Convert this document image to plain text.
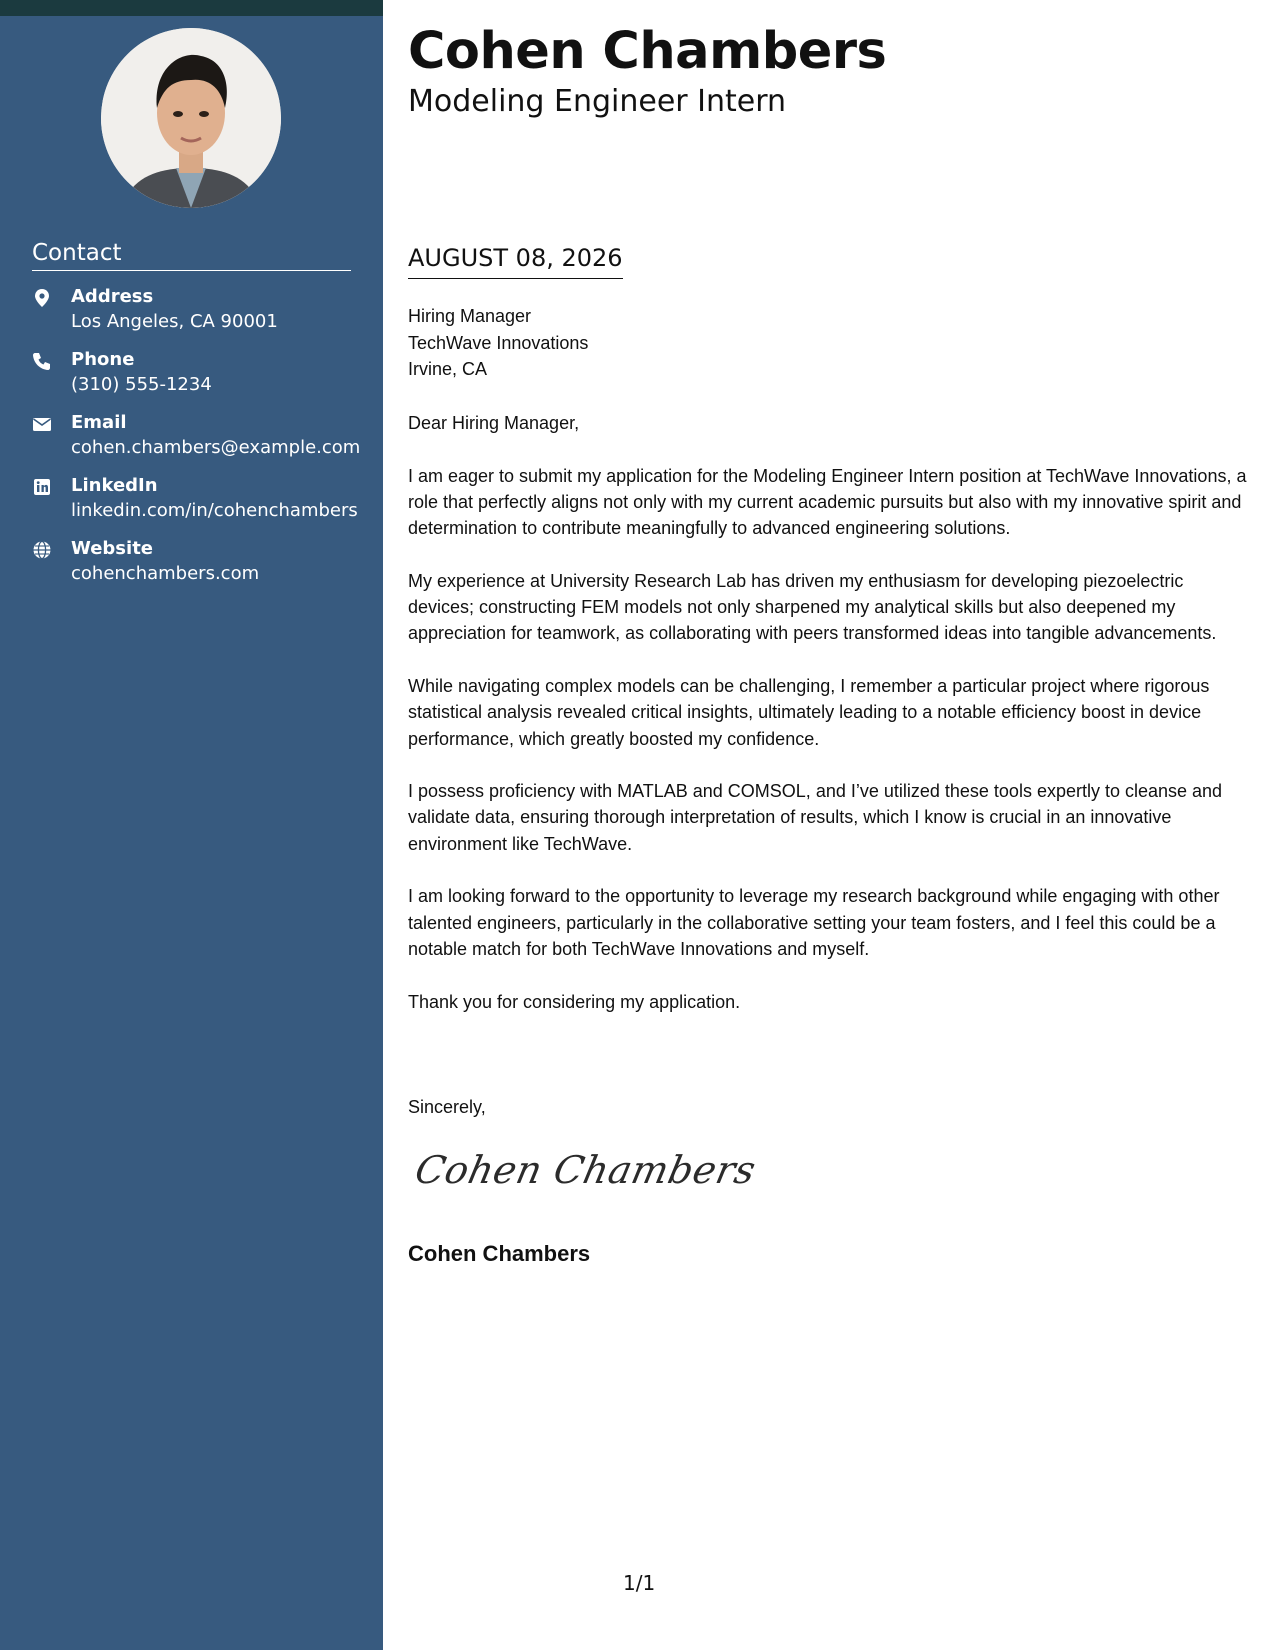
Contact
Address
Los Angeles, CA 90001
Phone
(310) 555-1234
Email
cohen.chambers@example.com
LinkedIn
linkedin.com/in/cohenchambers
Website
cohenchambers.com
Cohen Chambers
Modeling Engineer Intern
AUGUST 08, 2026
Hiring Manager
TechWave Innovations
Irvine, CA

Dear Hiring Manager,

I am eager to submit my application for the Modeling Engineer Intern position at TechWave Innovations, a role that perfectly aligns not only with my current academic pursuits but also with my innovative spirit and determination to contribute meaningfully to advanced engineering solutions.

My experience at University Research Lab has driven my enthusiasm for developing piezoelectric devices; constructing FEM models not only sharpened my analytical skills but also deepened my appreciation for teamwork, as collaborating with peers transformed ideas into tangible advancements.

While navigating complex models can be challenging, I remember a particular project where rigorous statistical analysis revealed critical insights, ultimately leading to a notable efficiency boost in device performance, which greatly boosted my confidence.

I possess proficiency with MATLAB and COMSOL, and I’ve utilized these tools expertly to cleanse and validate data, ensuring thorough interpretation of results, which I know is crucial in an innovative environment like TechWave.

I am looking forward to the opportunity to leverage my research background while engaging with other talented engineers, particularly in the collaborative setting your team fosters, and I feel this could be a notable match for both TechWave Innovations and myself.

Thank you for considering my application.

Sincerely,
Cohen Chambers
Cohen Chambers
1/1
